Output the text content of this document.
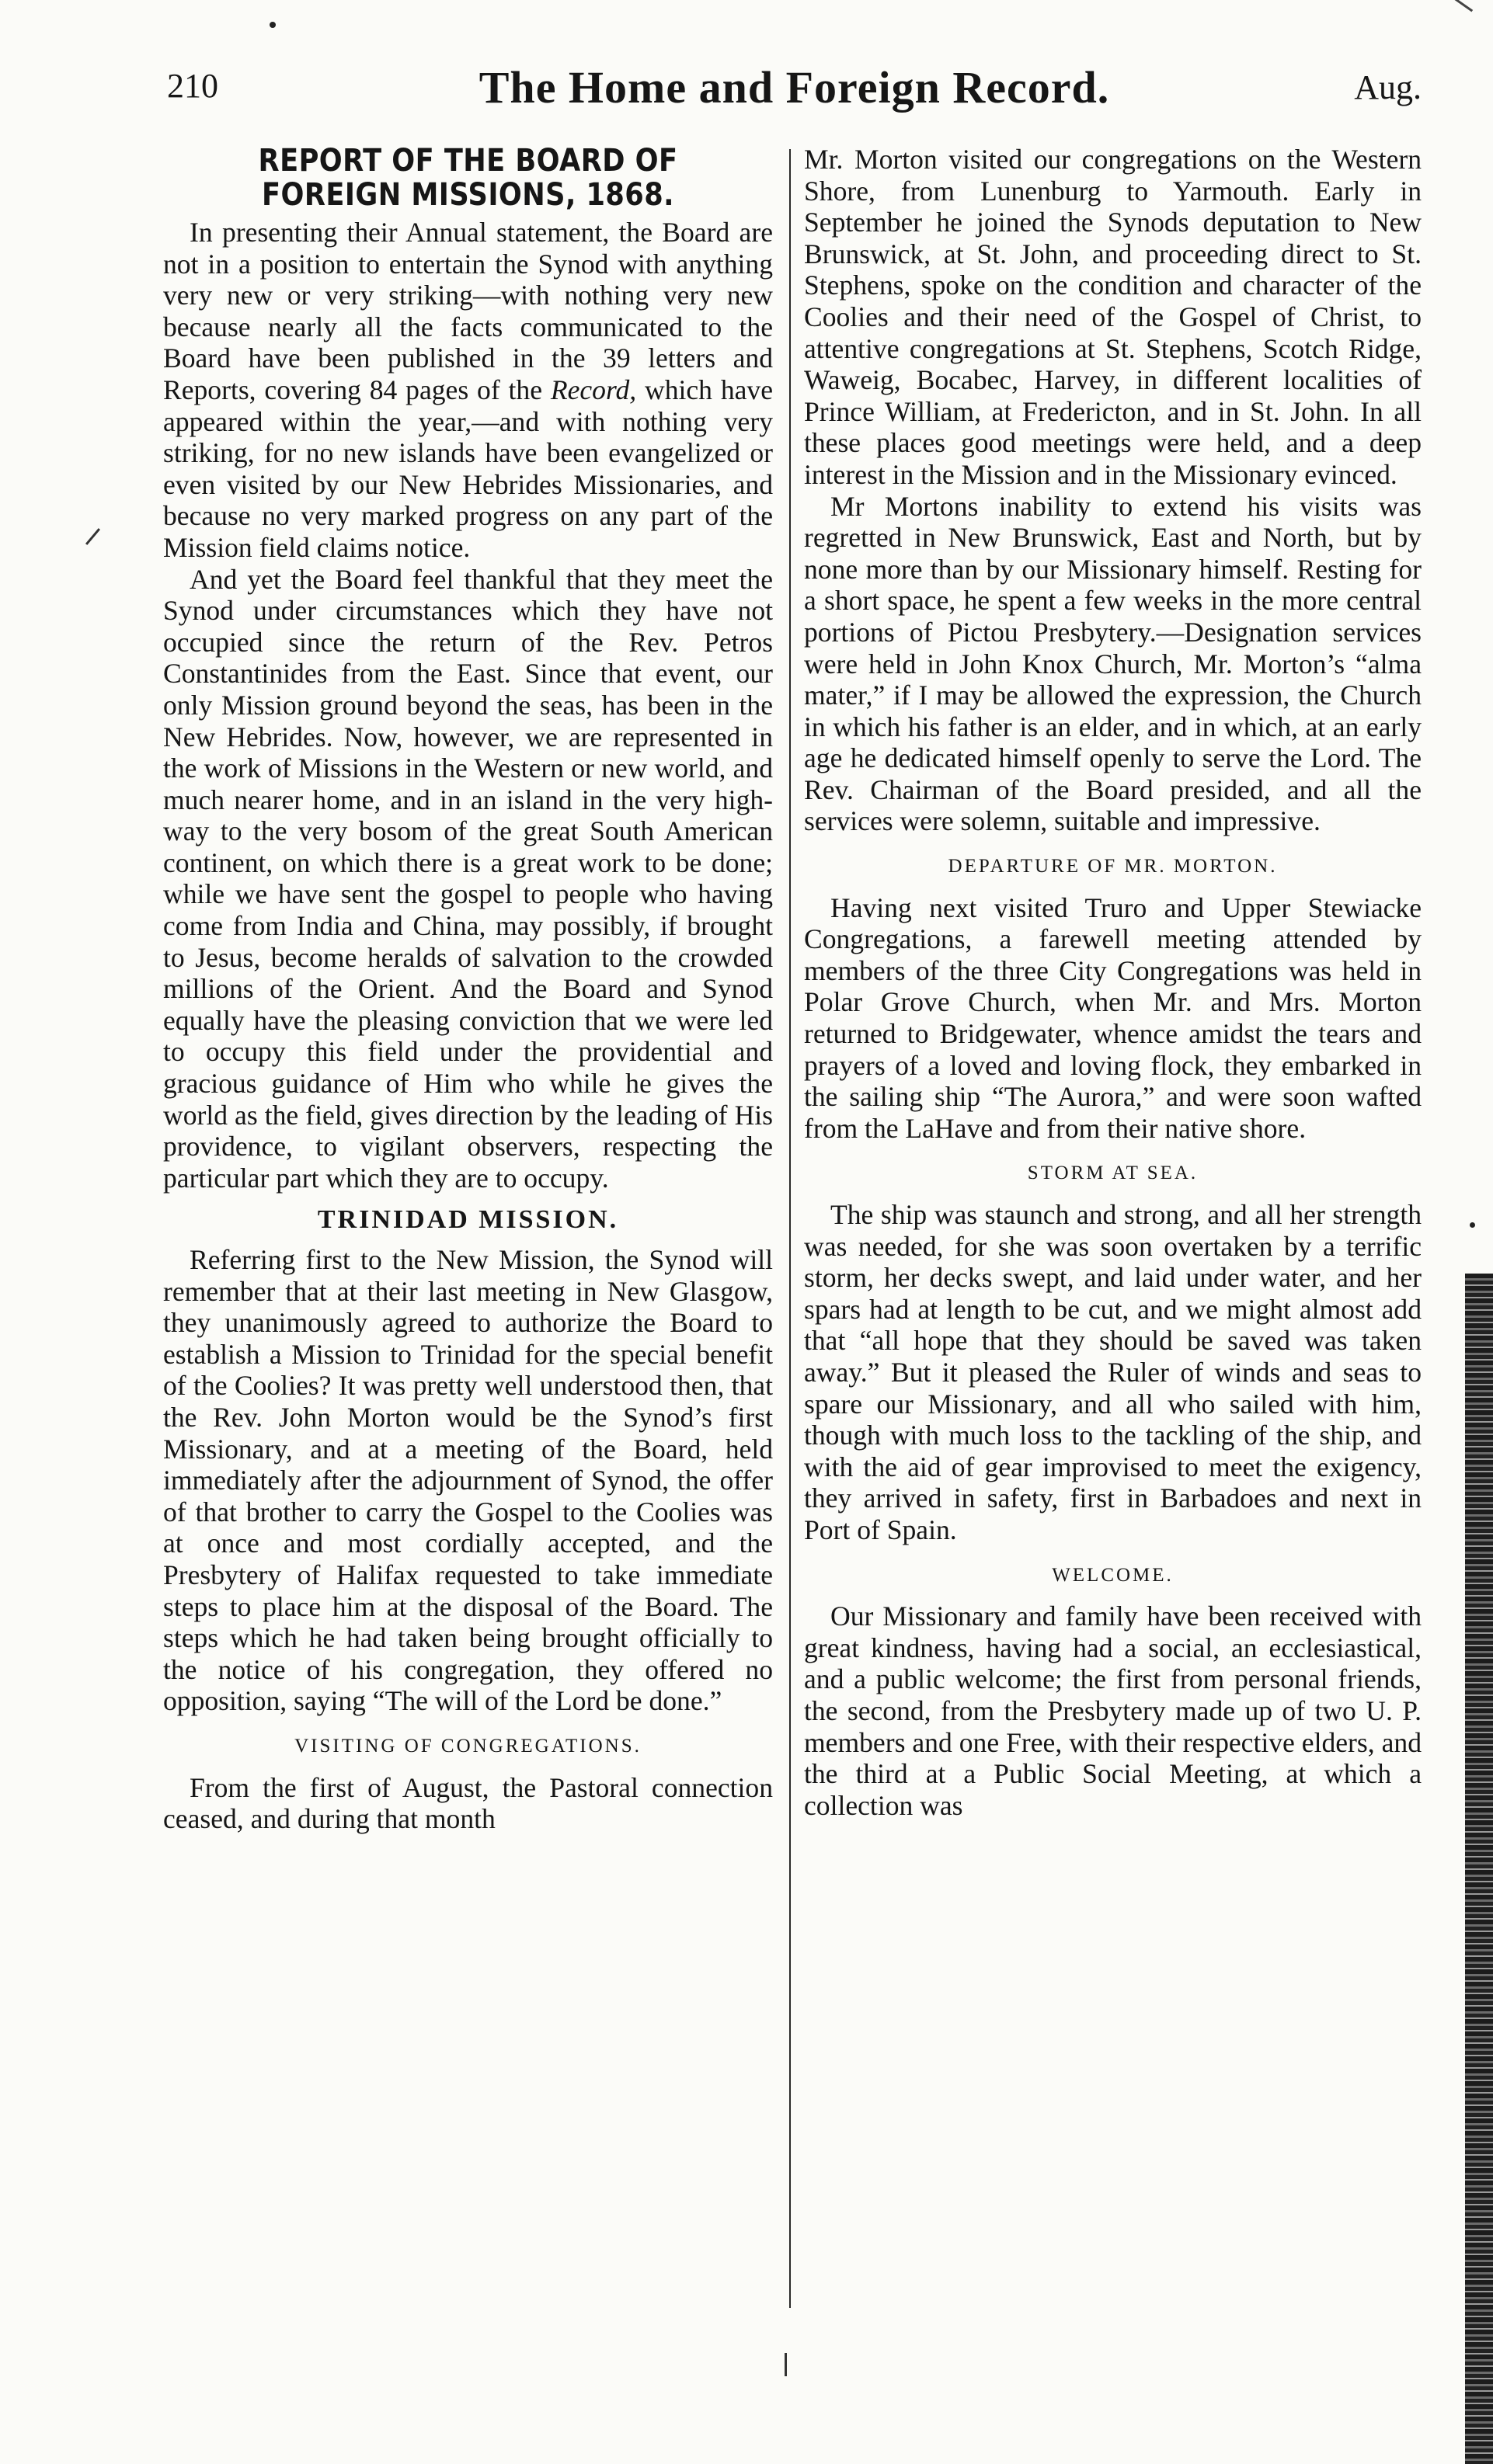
210	The Home and Foreign Record.	Aug.
REPORT OF THE BOARD OF FOREIGN MISSIONS, 1868.

In presenting their Annual statement, the Board are not in a position to entertain the Synod with anything very new or very striking—with nothing very new because nearly all the facts communicated to the Board have been published in the 39 letters and Reports, covering 84 pages of the Record, which have appeared within the year,—and with nothing very striking, for no new islands have been evangelized or even visited by our New Hebrides Missionaries, and because no very marked progress on any part of the Mission field claims notice.

And yet the Board feel thankful that they meet the Synod under circumstances which they have not occupied since the return of the Rev. Petros Constantinides from the East. Since that event, our only Mission ground beyond the seas, has been in the New Hebrides. Now, however, we are represented in the work of Missions in the Western or new world, and much nearer home, and in an island in the very high-way to the very bosom of the great South American continent, on which there is a great work to be done; while we have sent the gospel to people who having come from India and China, may possibly, if brought to Jesus, become heralds of salvation to the crowded millions of the Orient. And the Board and Synod equally have the pleasing conviction that we were led to occupy this field under the providential and gracious guidance of Him who while he gives the world as the field, gives direction by the leading of His providence, to vigilant observers, respecting the particular part which they are to occupy.

TRINIDAD MISSION.

Referring first to the New Mission, the Synod will remember that at their last meeting in New Glasgow, they unanimously agreed to authorize the Board to establish a Mission to Trinidad for the special benefit of the Coolies? It was pretty well understood then, that the Rev. John Morton would be the Synod’s first Missionary, and at a meeting of the Board, held immediately after the adjournment of Synod, the offer of that brother to carry the Gospel to the Coolies was at once and most cordially accepted, and the Presbytery of Halifax requested to take immediate steps to place him at the disposal of the Board. The steps which he had taken being brought officially to the notice of his congregation, they offered no opposition, saying “The will of the Lord be done.”

VISITING OF CONGREGATIONS.

From the first of August, the Pastoral connection ceased, and during that month

Mr. Morton visited our congregations on the Western Shore, from Lunenburg to Yarmouth. Early in September he joined the Synods deputation to New Brunswick, at St. John, and proceeding direct to St. Stephens, spoke on the condition and character of the Coolies and their need of the Gospel of Christ, to attentive congregations at St. Stephens, Scotch Ridge, Waweig, Bocabec, Harvey, in different localities of Prince William, at Fredericton, and in St. John. In all these places good meetings were held, and a deep interest in the Mission and in the Missionary evinced.

Mr Mortons inability to extend his visits was regretted in New Brunswick, East and North, but by none more than by our Missionary himself. Resting for a short space, he spent a few weeks in the more central portions of Pictou Presbytery.—Designation services were held in John Knox Church, Mr. Morton’s “alma mater,” if I may be allowed the expression, the Church in which his father is an elder, and in which, at an early age he dedicated himself openly to serve the Lord. The Rev. Chairman of the Board presided, and all the services were solemn, suitable and impressive.

DEPARTURE OF MR. MORTON.

Having next visited Truro and Upper Stewiacke Congregations, a farewell meeting attended by members of the three City Congregations was held in Polar Grove Church, when Mr. and Mrs. Morton returned to Bridgewater, whence amidst the tears and prayers of a loved and loving flock, they embarked in the sailing ship “The Aurora,” and were soon wafted from the LaHave and from their native shore.

STORM AT SEA.

The ship was staunch and strong, and all her strength was needed, for she was soon overtaken by a terrific storm, her decks swept, and laid under water, and her spars had at length to be cut, and we might almost add that “all hope that they should be saved was taken away.” But it pleased the Ruler of winds and seas to spare our Missionary, and all who sailed with him, though with much loss to the tackling of the ship, and with the aid of gear improvised to meet the exigency, they arrived in safety, first in Barbadoes and next in Port of Spain.

WELCOME.

Our Missionary and family have been received with great kindness, having had a social, an ecclesiastical, and a public welcome; the first from personal friends, the second, from the Presbytery made up of two U. P. members and one Free, with their respective elders, and the third at a Public Social Meeting, at which a collection was
